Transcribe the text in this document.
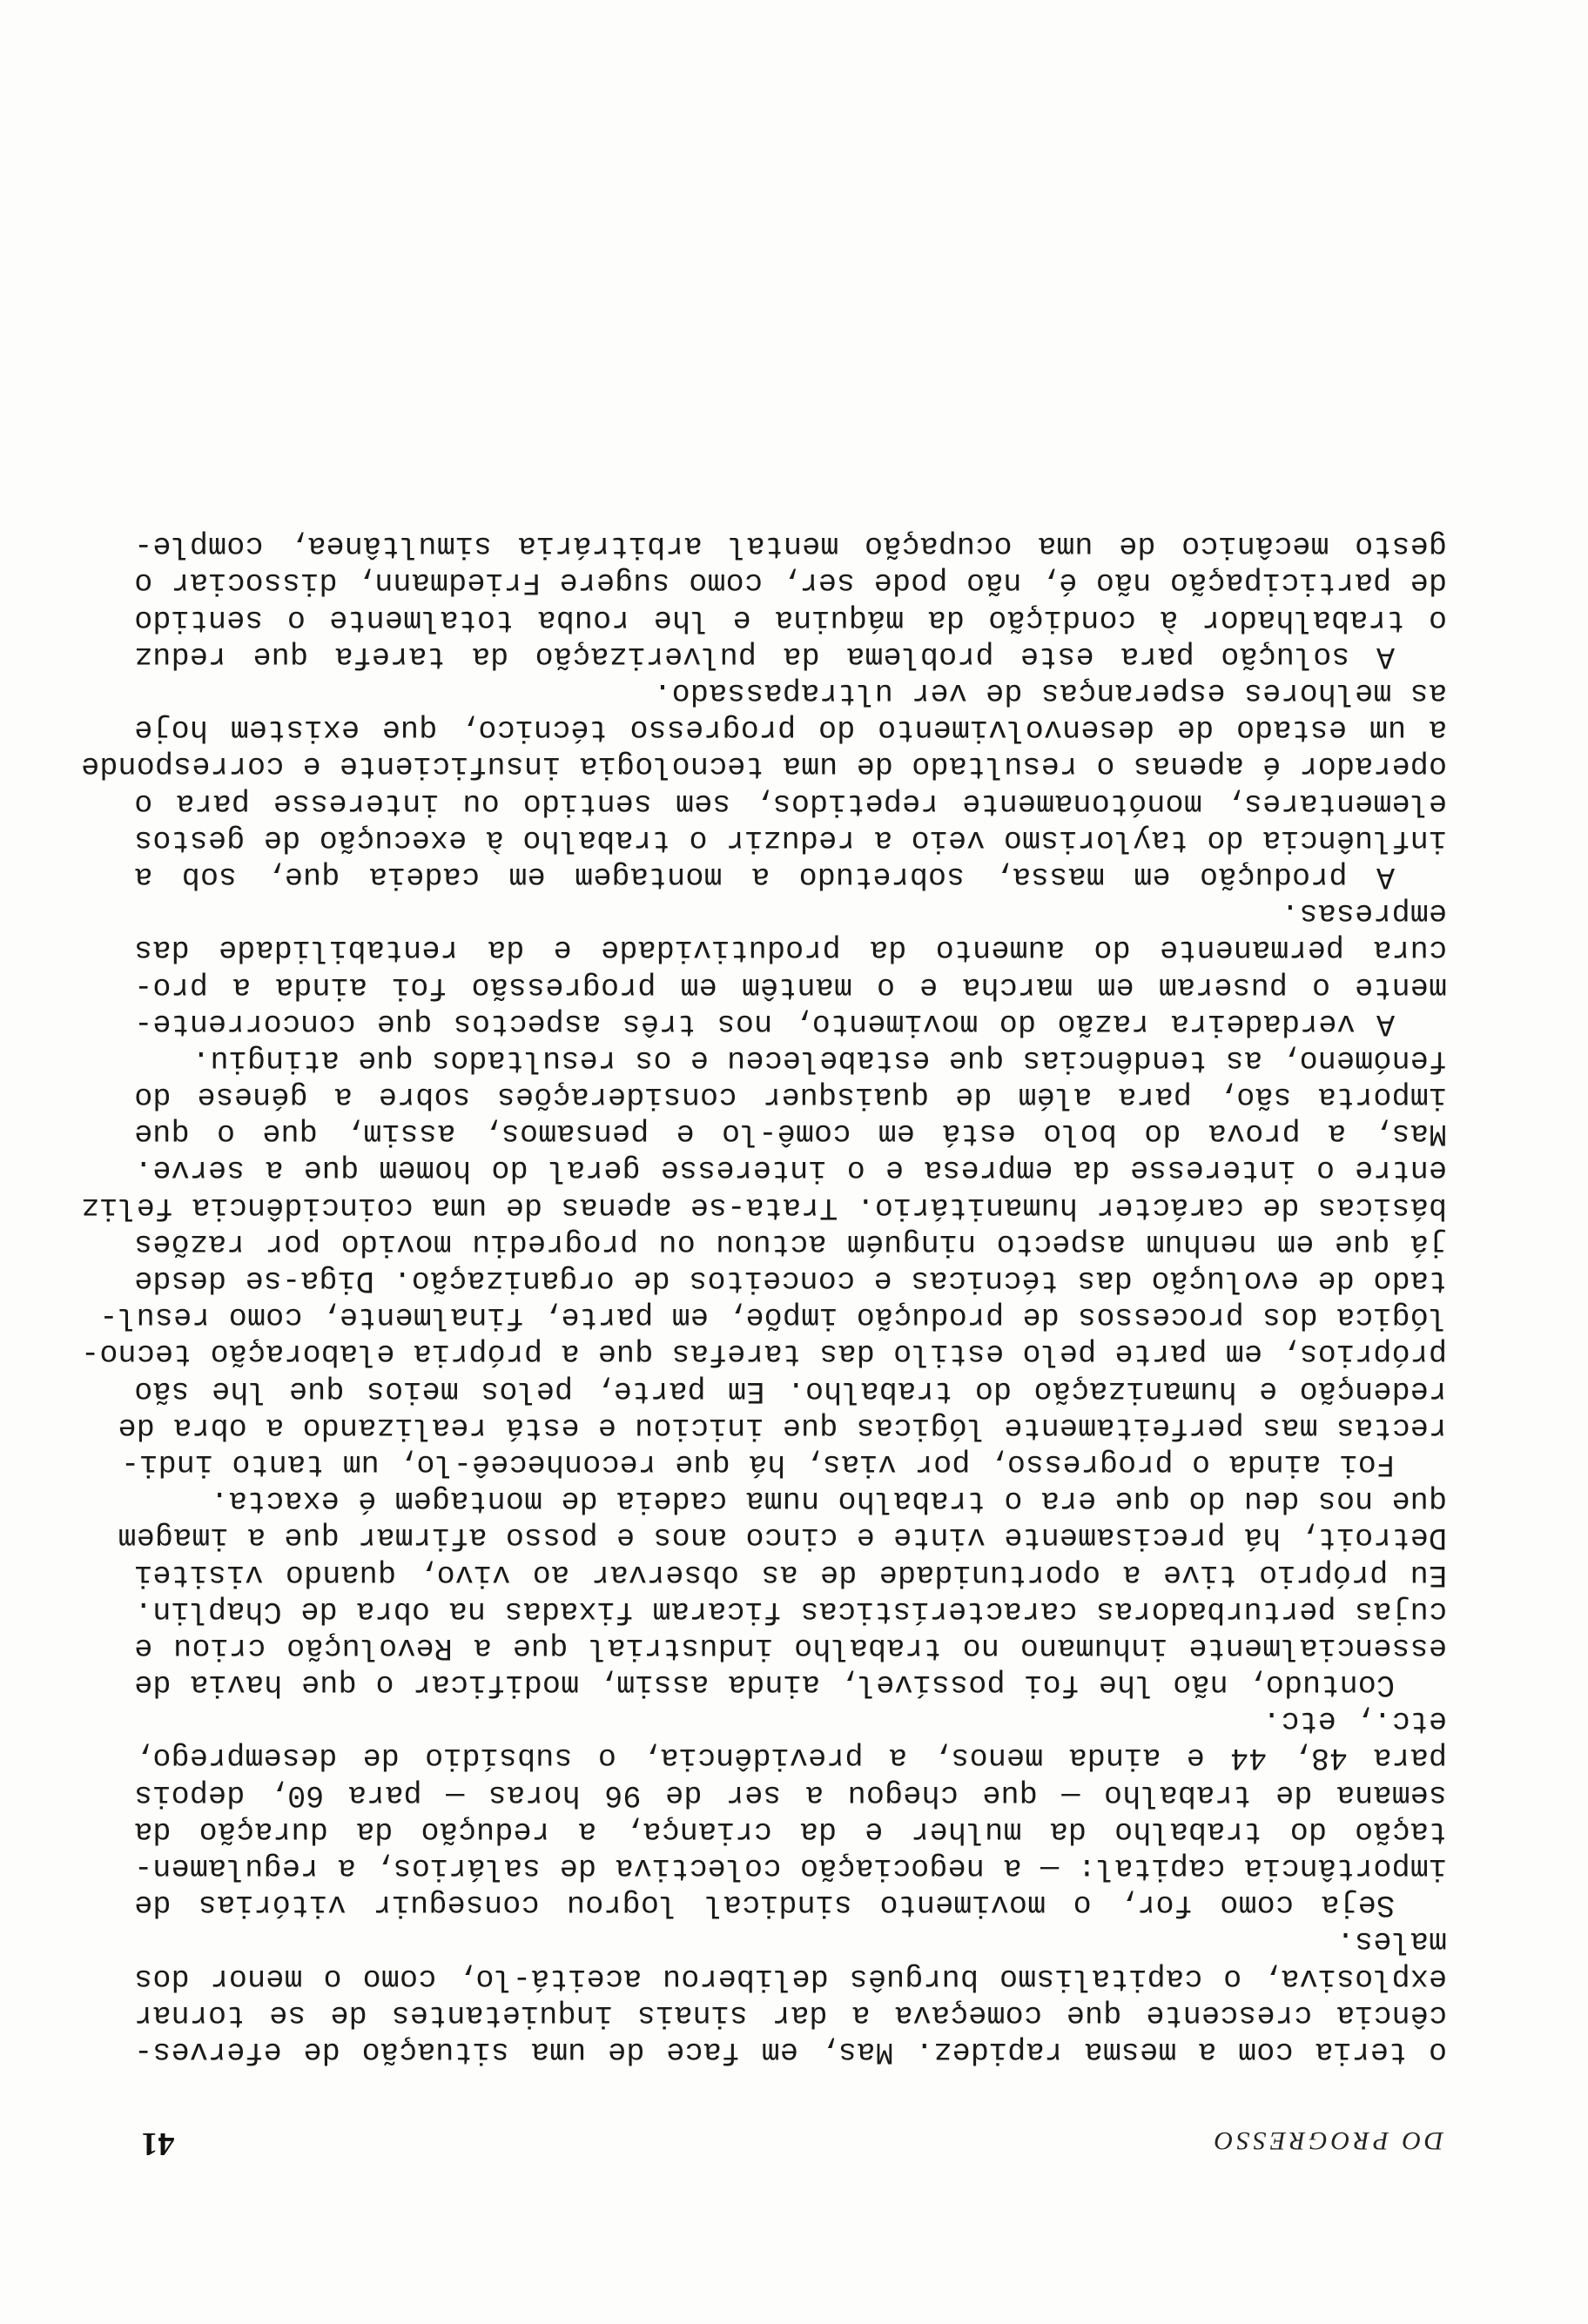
DO PROGRESSO
41
o teria com a mesma rapidez. Mas, em face de uma situação de eferves-
cência crescente que começava a dar sinais inquietantes de se tornar
explosiva, o capitalismo burguês deliberou aceitá-lo, como o menor dos
males.
Seja como for, o movimento sindical logrou conseguir vitórias de
importância capital: — a negociação colectiva de salários, a regulamen-
tação do trabalho da mulher e da criança, a redução da duração da
semana de trabalho — que chegou a ser de 96 horas — para 60, depois
para 48, 44 e ainda menos, a previdência, o subsídio de desemprego,
etc., etc.
Contudo, não lhe foi possível, ainda assim, modificar o que havia de
essencialmente inhumano no trabalho industrial que a Revolução criou e
cujas perturbadoras características ficaram fixadas na obra de Chaplin.
Eu próprio tive a oportunidade de as observar ao vivo, quando visitei
Detroit, há precisamente vinte e cinco anos e posso afirmar que a imagem
que nos deu do que era o trabalho numa cadeia de montagem é exacta.
Foi ainda o progresso, por vias, há que reconheceê-lo, um tanto indi-
rectas mas perfeitamente lógicas que iniciou e está realizando a obra de
redenção e humanização do trabalho. Em parte, pelos meios que lhe são
próprios, em parte pelo estilo das tarefas que a própria elaboração tecno-
lógica dos processos de produção impõe, em parte, finalmente, como resul-
tado de evolução das técnicas e conceitos de organização. Diga-se desde
já que em nenhum aspecto ninguém actuou ou progrediu movido por razões
básicas de carácter humanitário. Trata-se apenas de uma coincidência feliz
entre o interesse da empresa e o interesse geral do homem que a serve.
Mas, a prova do bolo está em comê-lo e pensamos, assim, que o que
importa são, para além de quaisquer considerações sobre a génese do
fenómeno, as tendências que estabeleceu e os resultados que atingiu.
A verdadeira razão do movimento, nos três aspectos que concorrente-
mente o puseram em marcha e o mantêm em progressão foi ainda a pro-
cura permanente do aumento da produtividade e da rentabilidade das
empresas.
A produção em massa, sobretudo a montagem em cadeia que, sob a
influência do taylorismo veio a reduzir o trabalho à execução de gestos
elementares, monótonamente repetidos, sem sentido ou interesse para o
operador é apenas o resultado de uma tecnologia insuficiente e corresponde
a um estado de desenvolvimento do progresso técnico, que existem hoje
as melhores esperanças de ver ultrapassado.
A solução para este problema da pulverização da tarefa que reduz
o trabalhador à condição da máquina e lhe rouba totalmente o sentido
de participação não é, não pode ser, como sugere Friedmann, dissociar o
gesto mecânico de uma ocupação mental arbitrária simultânea, comple-
